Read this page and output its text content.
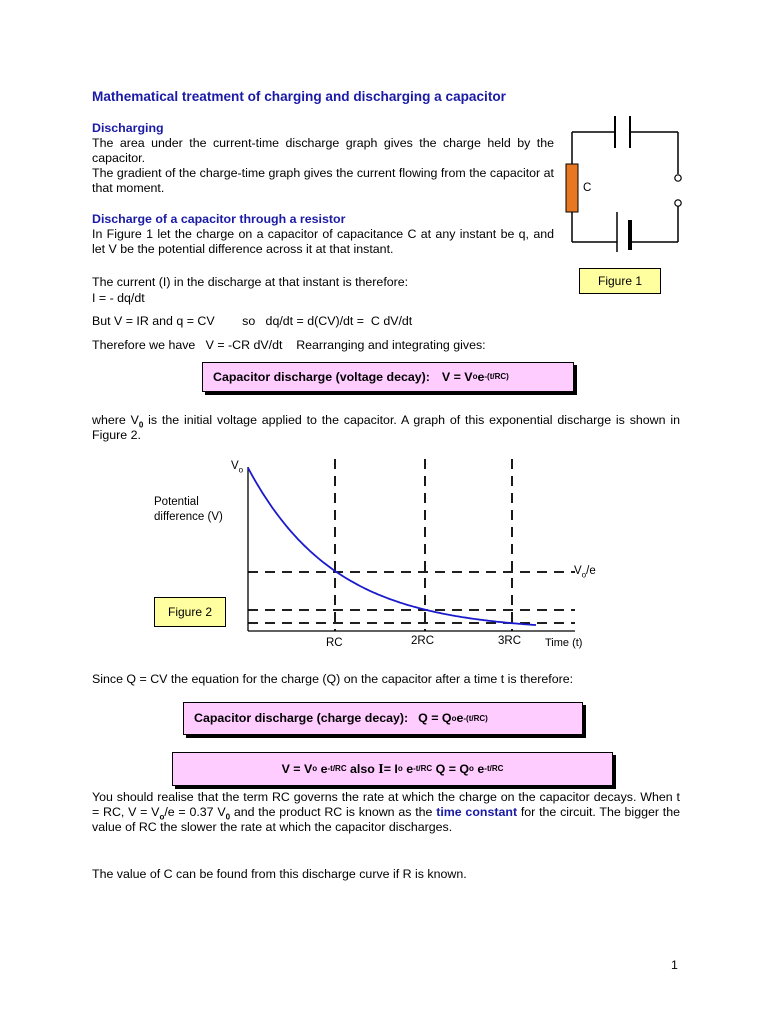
Mathematical treatment of charging and discharging a capacitor
Discharging
The area under the current-time discharge graph gives the charge held by the capacitor.
The gradient of the charge-time graph gives the current flowing from the capacitor at that moment.
Discharge of a capacitor through a resistor
In Figure 1 let the charge on a capacitor of capacitance C at any instant be q, and let V be the potential difference across it at that instant.
C
Figure 1
The current (I) in the discharge at that instant is therefore:
I = - dq/dt
But V = IR and q = CV        so   dq/dt = d(CV)/dt =  C dV/dt
Therefore we have   V = -CR dV/dt    Rearranging and integrating gives:
Capacitor discharge (voltage decay): V = V o e -(t/RC)
where $V_0$ is the initial voltage applied to the capacitor. A graph of this exponential discharge is shown in Figure 2.
$V_o$
Potential
difference (V)
$V_o/e$
RC	2RC	3RC Time (t)
Figure 2
Since Q = CV the equation for the charge (Q) on the capacitor after a time t is therefore:
Capacitor discharge (charge decay): Q = Q o e -(t/RC)
V = V o e -t/RC also I = I o e -t/RC Q = Q o e -t/RC
You should realise that the term RC governs the rate at which the charge on the capacitor decays. When t = RC, $V = V_o/e = 0.37$ $V_0$ and the product RC is known as the time constant for the circuit. The bigger the value of RC the slower the rate at which the capacitor discharges.
The value of C can be found from this discharge curve if R is known.
1
